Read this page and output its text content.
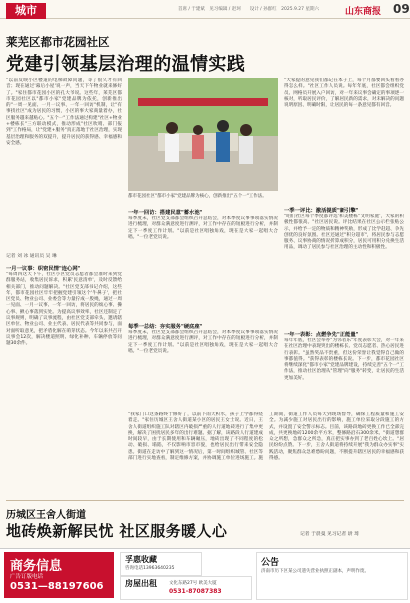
城市	首席 / 于建斌　见习编辑 / 赵珂　　设计 / 孙群红　2025.9.27 星期六	山东商报 09
莱芜区都市花园社区
党建引领基层治理的温情实践
"以前反映小区楼道的电梯故障问题，等了很久才有回音；现在通过'幕后小屋'说一声，当天下午物业就来修好了。"家住都市花园小区的孔大爷说。这些年，莱芜区都市花园社区以"都市小家"党建品牌为依托，创新推出的"一周一见面、一月一议事、一年一回访"机制，让"有事找社区"成为居民的习惯，小区的事大家商量着办，社区服务越来越贴心。"五个一"工作法通过构建"社区+物业+楼栋长"三方联动模式，推动形成"社区吹哨、部门报到"工作格局，让"党建+服务"真正落地于社区治理，实现基层治理和服务的双提升，提升居民的获得感、幸福感和安全感。
都市花园社区"都市小家"党建品牌为核心，创新推出"五个一"工作法。
"大家提的意见我们都记在本子上，每个月都要回头看看办得怎么样。"社区工作人员说。每年年底，社区都会组织党员、网格员开展入户回访，对一年来议事会确定的事项逐一核对，听取居民评价，了解居民新的需求，对未解决的问题说明原因、明确时限，让居民的每一条意见都有回音。
记者 刘 冰 通讯员 吴 琳
一月一议事：织密民情"连心网"
"每周四这天下午，社区小区党员志愿者都会准时来到党群服务站，收集居民诉求，积累'民意清单'，及时反馈给相关部门，推动问题解决。"社区党支部书记介绍，这些年，都市花园社区牢牢把握党建引领这个'牛鼻子'，把社区党员、物业公司、业委会等力量拧成一股绳，通过一周一见面、一月一议事、一年一回访，将居民的烦心事、操心事、揪心事落到实处。为提高议事效率，社区还制定了议事规则，明确了议事流程，由社区党支部牵头，邀请辖区单位、物业公司、业主代表、居民代表等共同参与，面对面听取意见，把矛盾化解在萌芽状态。今年以来共召开议事会12次，解决楼道照明、绿化补种、车辆停放等问题30余件。
一年一回访：搭建民意"蓄水池"
每季度末，社区党支部都会组织召开总结会，对本季度议事事项落实情况进行梳理，对群众满意度进行测评，对工作中存在的短板进行分析，并制定下一季度工作计划。"以前是社区唱独角戏，现在是大家一起唱大合唱。"一位老党员说。
每季一总结：夯实服务"硬底座"
每季度末，社区党支部都会组织召开总结会，对本季度议事事项落实情况进行梳理，对群众满意度进行测评，对工作中存在的短板进行分析，并制定下一季度工作计划。"以前是社区唱独角戏，现在是大家一起唱大合唱。"一位老党员说。
一季一评比：激活提质"新引擎"
"咱们社区每个季度都评选'和美楼栋''文明家庭'，大家的积极性都很高。"社区居民说。评比结果在社区公示栏张贴公示，并给予一定的物质和精神奖励，形成了比学赶超、争先创优的良好氛围。社区还通过"积分超市"，将居民参与志愿服务、议事协商的情况折算成积分，居民可用积分兑换生活用品，调动了居民参与社区治理的主动性和积极性。
一年一表彰：点燃争先"正能量"
每年年底，社区会举办"为邻者乐"年度表彰大会，对一年来在社区治理中表现突出的楼栋长、党员志愿者、热心居民进行表彰。"虽然奖品不贵重，但这份荣誉让我觉得自己做的事都值得。"获得表彰的楼栋长说。下一步，都市花园社区将继续深化"都市小家"党建品牌建设，持续完善"五个一"工作法，推动社区治理从"管理"向"服务"转变，让居民的生活更加美好。
历城区王舍人街道
地砖焕新解民忧 社区服务暖人心	记者 于晨曼 见习记者 尉 琦
"我家门口这条路终于修好了，以前下雨天积水，孩子上学都得绕着走。"家住历城区王舍人街道某小区的居民王女士说。近日，王舍人街道组织施工队对辖区内破损严重的人行道地砖进行了集中更换，解决了困扰居民多年的出行难题。据了解，该路段人行道建成时间较早，由于长期使用和车辆碾压，地砖出现了不同程度的松动、破损、塌陷，不仅影响市容市貌，也给居民出行带来安全隐患。街道在走访中了解到这一情况后，第一时间组织城管、社区等部门进行实地查看，制定维修方案，并协调施工单位进场施工。施工期间，街道工作人员每天到现场督导，确保工程质量和施工安全。为减少施工对居民出行的影响，施工单位采取分段施工的方式，并设置了安全警示标志。目前，该路段地砖更换工作已全部完成，共更换地砖1200余平方米，整修路沿石300余米。"街道想群众之所想，急群众之所急，真正把实事办到了老百姓心坎上。"居民纷纷点赞。下一步，王舍人街道将持续开展"我为群众办实事"实践活动，聚焦群众急难愁盼问题，不断提升辖区居民的幸福感和获得感。
商务信息
广告订版电话
0531—88197606
孚惠收藏
咨询电话13963640235
房屋出租	文化东路27号 欧美大厦
0531-87087383
公告
济南市历下区某公司遗失营业执照正副本，声明作废。
